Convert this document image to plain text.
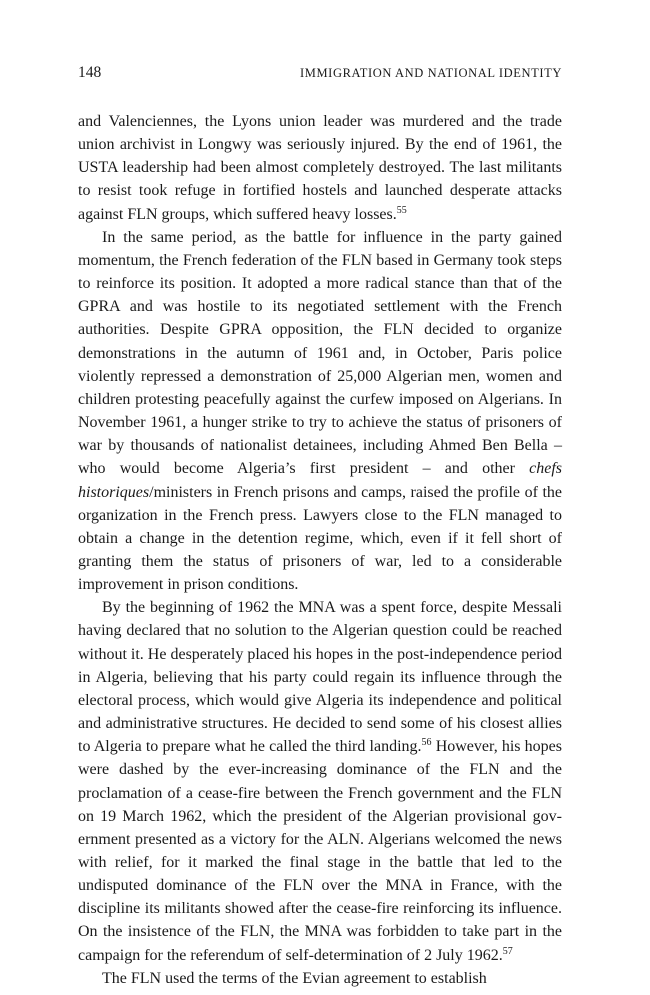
148	IMMIGRATION AND NATIONAL IDENTITY

and Valenciennes, the Lyons union leader was murdered and the trade union archivist in Longwy was seriously injured. By the end of 1961, the USTA leadership had been almost completely destroyed. The last militants to resist took refuge in fortified hostels and launched desperate attacks against FLN groups, which suffered heavy losses.$^{55}$

In the same period, as the battle for influence in the party gained momentum, the French federation of the FLN based in Germany took steps to reinforce its position. It adopted a more radical stance than that of the GPRA and was hostile to its negotiated settlement with the French authorities. Despite GPRA opposition, the FLN decided to organize demonstrations in the autumn of 1961 and, in October, Paris police violently repressed a demonstration of 25,000 Algerian men, women and children protesting peacefully against the curfew imposed on Algerians. In November 1961, a hunger strike to try to achieve the status of prisoners of war by thousands of nationalist detainees, including Ahmed Ben Bella – who would become Algeria’s first president – and other chefs historiques/ministers in French prisons and camps, raised the profile of the organization in the French press. Lawyers close to the FLN managed to obtain a change in the detention regime, which, even if it fell short of granting them the status of prisoners of war, led to a considerable improvement in prison conditions.

By the beginning of 1962 the MNA was a spent force, despite Messali having declared that no solution to the Algerian question could be reached without it. He desperately placed his hopes in the post-independence period in Algeria, believing that his party could regain its influence through the electoral process, which would give Algeria its independence and political and administrative structures. He decided to send some of his closest allies to Algeria to prepare what he called the third landing.$^{56}$ However, his hopes were dashed by the ever-increasing dominance of the FLN and the proclamation of a cease-fire between the French government and the FLN on 19 March 1962, which the president of the Algerian provisional government presented as a victory for the ALN. Algerians welcomed the news with relief, for it marked the final stage in the battle that led to the undisputed dominance of the FLN over the MNA in France, with the discipline its militants showed after the cease-fire reinforcing its influence. On the insistence of the FLN, the MNA was forbidden to take part in the campaign for the referendum of self-determination of 2 July 1962.57

The FLN used the terms of the Evian agreement to establish
